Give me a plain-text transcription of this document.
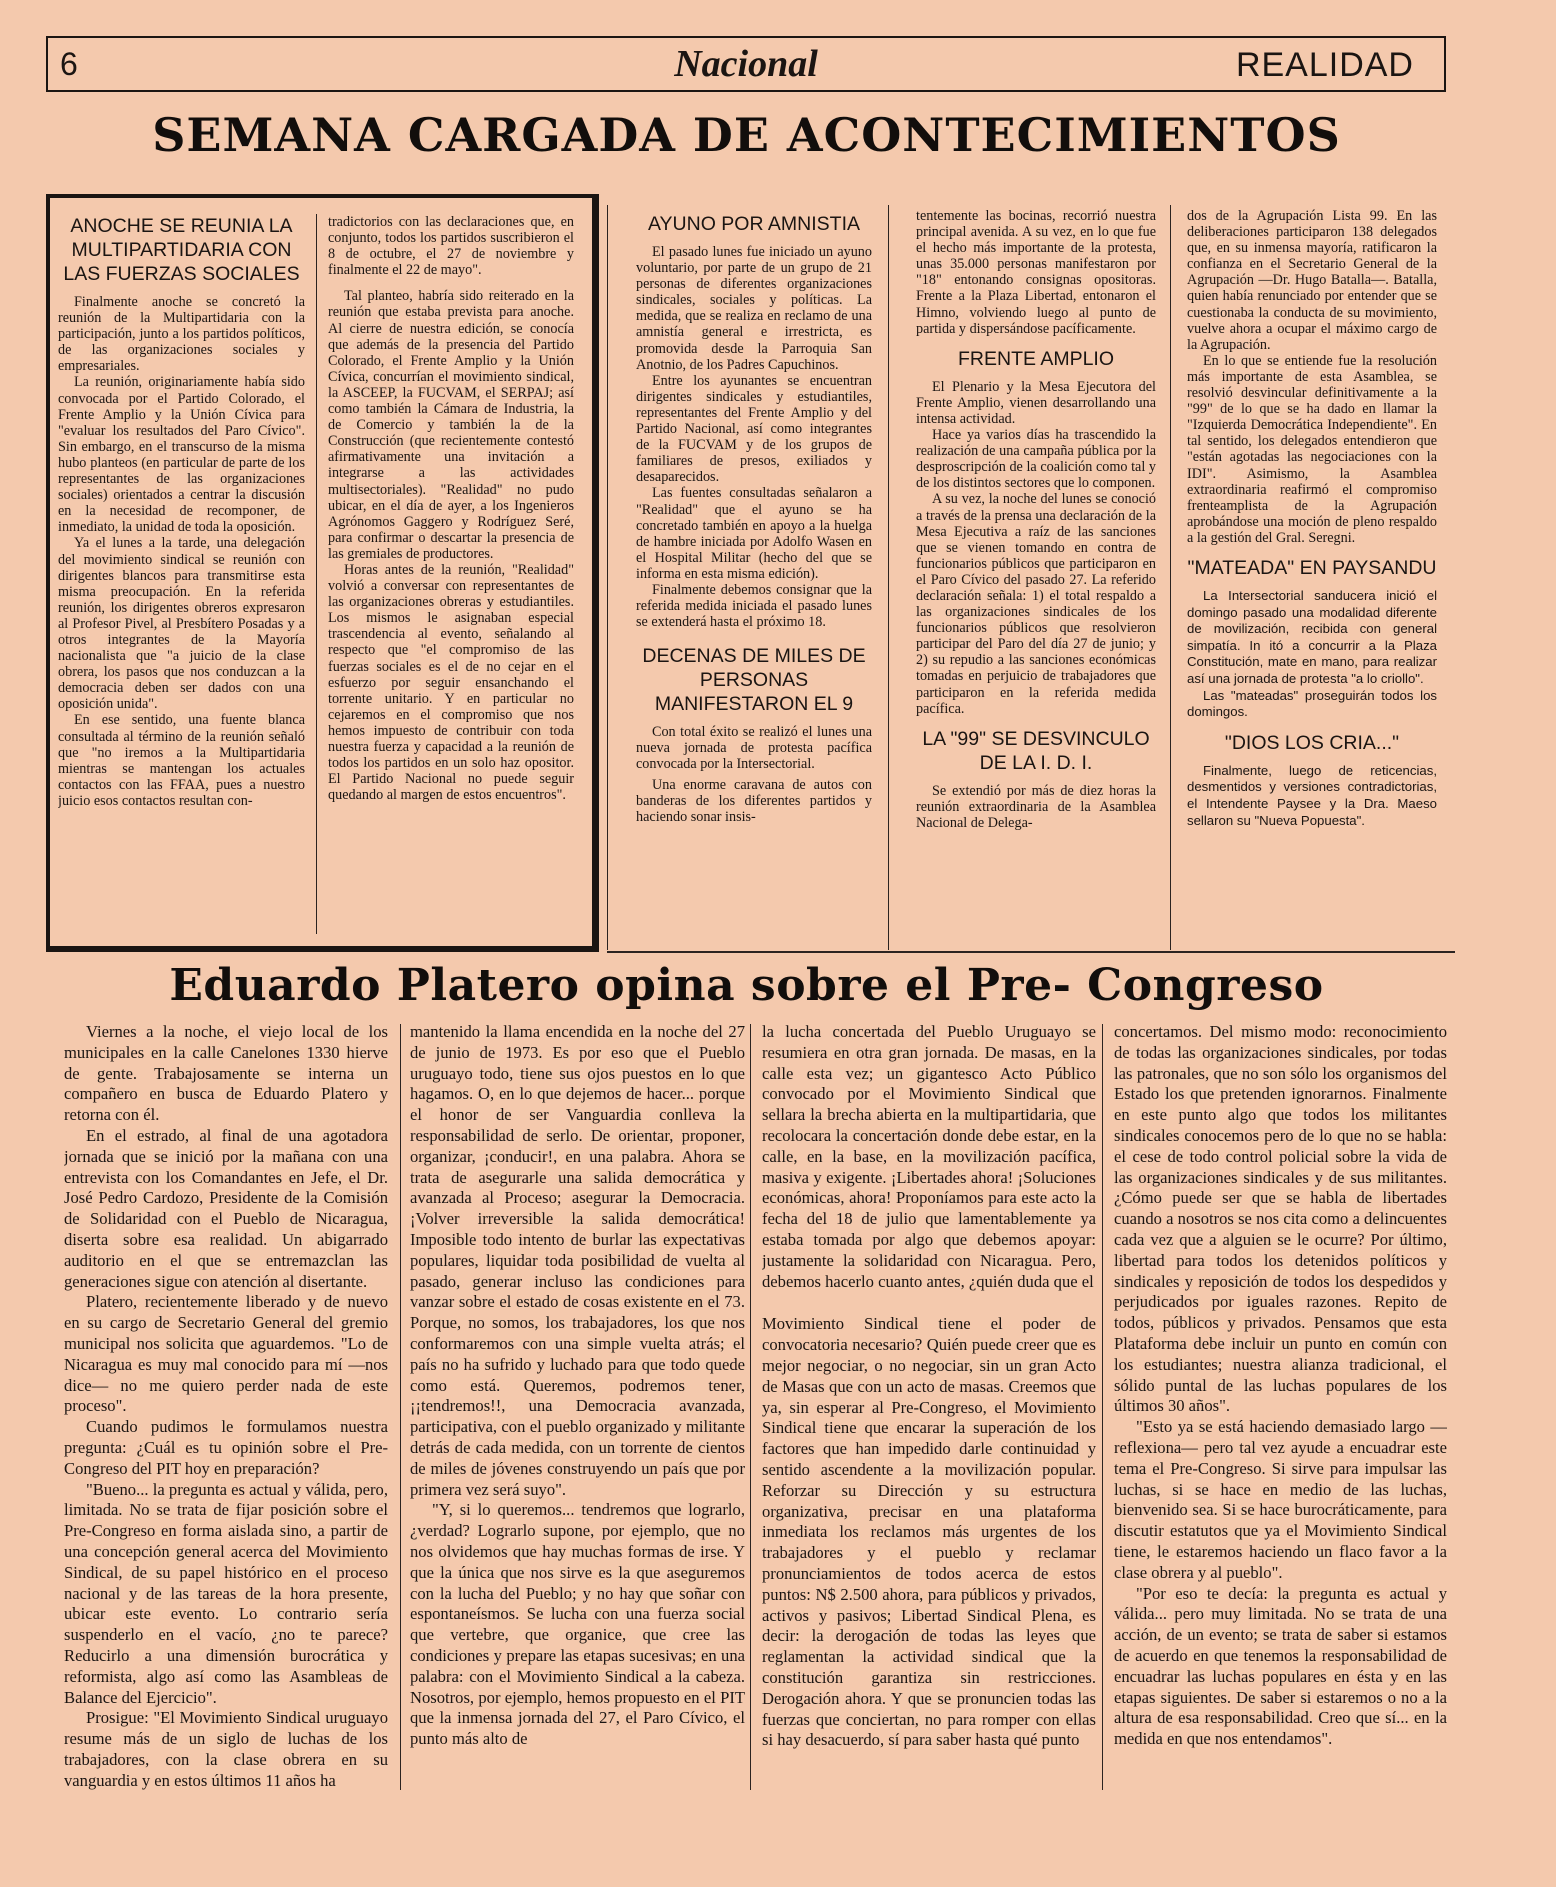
6	Nacional	REALIDAD
SEMANA CARGADA DE ACONTECIMIENTOS
ANOCHE SE REUNIA LA MULTIPARTIDARIA CON LAS FUERZAS SOCIALES

Finalmente anoche se concretó la reunión de la Multipartidaria con la participación, junto a los partidos políticos, de las organizaciones sociales y empresariales.

La reunión, originariamente había sido convocada por el Partido Colorado, el Frente Amplio y la Unión Cívica para "evaluar los resultados del Paro Cívico". Sin embargo, en el transcurso de la misma hubo planteos (en particular de parte de los representantes de las organizaciones sociales) orientados a centrar la discusión en la necesidad de recomponer, de inmediato, la unidad de toda la oposición.

Ya el lunes a la tarde, una delegación del movimiento sindical se reunión con dirigentes blancos para transmitirse esta misma preocupación. En la referida reunión, los dirigentes obreros expresaron al Profesor Pivel, al Presbítero Posadas y a otros integrantes de la Mayoría nacionalista que "a juicio de la clase obrera, los pasos que nos conduzcan a la democracia deben ser dados con una oposición unida".

En ese sentido, una fuente blanca consultada al término de la reunión señaló que "no iremos a la Multipartidaria mientras se mantengan los actuales contactos con las FFAA, pues a nuestro juicio esos contactos resultan con-

tradictorios con las declaraciones que, en conjunto, todos los partidos suscribieron el 8 de octubre, el 27 de noviembre y finalmente el 22 de mayo".

Tal planteo, habría sido reiterado en la reunión que estaba prevista para anoche. Al cierre de nuestra edición, se conocía que además de la presencia del Partido Colorado, el Frente Amplio y la Unión Cívica, concurrían el movimiento sindical, la ASCEEP, la FUCVAM, el SERPAJ; así como también la Cámara de Industria, la de Comercio y también la de la Construcción (que recientemente contestó afirmativamente una invitación a integrarse a las actividades multisectoriales). "Realidad" no pudo ubicar, en el día de ayer, a los Ingenieros Agrónomos Gaggero y Rodríguez Seré, para confirmar o descartar la presencia de las gremiales de productores.

Horas antes de la reunión, "Realidad" volvió a conversar con representantes de las organizaciones obreras y estudiantiles. Los mismos le asignaban especial trascendencia al evento, señalando al respecto que "el compromiso de las fuerzas sociales es el de no cejar en el esfuerzo por seguir ensanchando el torrente unitario. Y en particular no cejaremos en el compromiso que nos hemos impuesto de contribuir con toda nuestra fuerza y capacidad a la reunión de todos los partidos en un solo haz opositor. El Partido Nacional no puede seguir quedando al margen de estos encuentros".

AYUNO POR AMNISTIA

El pasado lunes fue iniciado un ayuno voluntario, por parte de un grupo de 21 personas de diferentes organizaciones sindicales, sociales y políticas. La medida, que se realiza en reclamo de una amnistía general e irrestricta, es promovida desde la Parroquia San Anotnio, de los Padres Capuchinos.

Entre los ayunantes se encuentran dirigentes sindicales y estudiantiles, representantes del Frente Amplio y del Partido Nacional, así como integrantes de la FUCVAM y de los grupos de familiares de presos, exiliados y desaparecidos.

Las fuentes consultadas señalaron a "Realidad" que el ayuno se ha concretado también en apoyo a la huelga de hambre iniciada por Adolfo Wasen en el Hospital Militar (hecho del que se informa en esta misma edición).

Finalmente debemos consignar que la referida medida iniciada el pasado lunes se extenderá hasta el próximo 18.

DECENAS DE MILES DE PERSONAS MANIFESTARON EL 9

Con total éxito se realizó el lunes una nueva jornada de protesta pacífica convocada por la Intersectorial.

Una enorme caravana de autos con banderas de los diferentes partidos y haciendo sonar insis-

tentemente las bocinas, recorrió nuestra principal avenida. A su vez, en lo que fue el hecho más importante de la protesta, unas 35.000 personas manifestaron por "18" entonando consignas opositoras. Frente a la Plaza Libertad, entonaron el Himno, volviendo luego al punto de partida y dispersándose pacíficamente.

FRENTE AMPLIO

El Plenario y la Mesa Ejecutora del Frente Amplio, vienen desarrollando una intensa actividad.

Hace ya varios días ha trascendido la realización de una campaña pública por la desproscripción de la coalición como tal y de los distintos sectores que lo componen.

A su vez, la noche del lunes se conoció a través de la prensa una declaración de la Mesa Ejecutiva a raíz de las sanciones que se vienen tomando en contra de funcionarios públicos que participaron en el Paro Cívico del pasado 27. La referido declaración señala: 1) el total respaldo a las organizaciones sindicales de los funcionarios públicos que resolvieron participar del Paro del día 27 de junio; y 2) su repudio a las sanciones económicas tomadas en perjuicio de trabajadores que participaron en la referida medida pacífica.

LA "99" SE DESVINCULO DE LA I. D. I.

Se extendió por más de diez horas la reunión extraordinaria de la Asamblea Nacional de Delega-

dos de la Agrupación Lista 99. En las deliberaciones participaron 138 delegados que, en su inmensa mayoría, ratificaron la confianza en el Secretario General de la Agrupación —Dr. Hugo Batalla—. Batalla, quien había renunciado por entender que se cuestionaba la conducta de su movimiento, vuelve ahora a ocupar el máximo cargo de la Agrupación.

En lo que se entiende fue la resolución más importante de esta Asamblea, se resolvió desvincular definitivamente a la "99" de lo que se ha dado en llamar la "Izquierda Democrática Independiente". En tal sentido, los delegados entendieron que "están agotadas las negociaciones con la IDI". Asimismo, la Asamblea extraordinaria reafirmó el compromiso frenteamplista de la Agrupación aprobándose una moción de pleno respaldo a la gestión del Gral. Seregni.

"MATEADA" EN PAYSANDU

La Intersectorial sanducera inició el domingo pasado una modalidad diferente de movilización, recibida con general simpatía. In itó a concurrir a la Plaza Constitución, mate en mano, para realizar así una jornada de protesta "a lo criollo".

Las "mateadas" proseguirán todos los domingos.

"DIOS LOS CRIA..."

Finalmente, luego de reticencias, desmentidos y versiones contradictorias, el Intendente Paysee y la Dra. Maeso sellaron su "Nueva Popuesta".

Eduardo Platero opina sobre el Pre- Congreso

Viernes a la noche, el viejo local de los municipales en la calle Canelones 1330 hierve de gente. Trabajosamente se interna un compañero en busca de Eduardo Platero y retorna con él.

En el estrado, al final de una agotadora jornada que se inició por la mañana con una entrevista con los Comandantes en Jefe, el Dr. José Pedro Cardozo, Presidente de la Comisión de Solidaridad con el Pueblo de Nicaragua, diserta sobre esa realidad. Un abigarrado auditorio en el que se entremazclan las generaciones sigue con atención al disertante.

Platero, recientemente liberado y de nuevo en su cargo de Secretario General del gremio municipal nos solicita que aguardemos. "Lo de Nicaragua es muy mal conocido para mí —nos dice— no me quiero perder nada de este proceso".

Cuando pudimos le formulamos nuestra pregunta: ¿Cuál es tu opinión sobre el Pre-Congreso del PIT hoy en preparación?

"Bueno... la pregunta es actual y válida, pero, limitada. No se trata de fijar posición sobre el Pre-Congreso en forma aislada sino, a partir de una concepción general acerca del Movimiento Sindical, de su papel histórico en el proceso nacional y de las tareas de la hora presente, ubicar este evento. Lo contrario sería suspenderlo en el vacío, ¿no te parece? Reducirlo a una dimensión burocrática y reformista, algo así como las Asambleas de Balance del Ejercicio".

Prosigue: "El Movimiento Sindical uruguayo resume más de un siglo de luchas de los trabajadores, con la clase obrera en su vanguardia y en estos últimos 11 años ha

mantenido la llama encendida en la noche del 27 de junio de 1973. Es por eso que el Pueblo uruguayo todo, tiene sus ojos puestos en lo que hagamos. O, en lo que dejemos de hacer... porque el honor de ser Vanguardia conlleva la responsabilidad de serlo. De orientar, proponer, organizar, ¡conducir!, en una palabra. Ahora se trata de asegurarle una salida democrática y avanzada al Proceso; asegurar la Democracia. ¡Volver irreversible la salida democrática! Imposible todo intento de burlar las expectativas populares, liquidar toda posibilidad de vuelta al pasado, generar incluso las condiciones para vanzar sobre el estado de cosas existente en el 73. Porque, no somos, los trabajadores, los que nos conformaremos con una simple vuelta atrás; el país no ha sufrido y luchado para que todo quede como está. Queremos, podremos tener, ¡¡tendremos!!, una Democracia avanzada, participativa, con el pueblo organizado y militante detrás de cada medida, con un torrente de cientos de miles de jóvenes construyendo un país que por primera vez será suyo".

"Y, si lo queremos... tendremos que lograrlo, ¿verdad? Lograrlo supone, por ejemplo, que no nos olvidemos que hay muchas formas de irse. Y que la única que nos sirve es la que aseguremos con la lucha del Pueblo; y no hay que soñar con espontaneísmos. Se lucha con una fuerza social que vertebre, que organice, que cree las condiciones y prepare las etapas sucesivas; en una palabra: con el Movimiento Sindical a la cabeza. Nosotros, por ejemplo, hemos propuesto en el PIT que la inmensa jornada del 27, el Paro Cívico, el punto más alto de

la lucha concertada del Pueblo Uruguayo se resumiera en otra gran jornada. De masas, en la calle esta vez; un gigantesco Acto Público convocado por el Movimiento Sindical que sellara la brecha abierta en la multipartidaria, que recolocara la concertación donde debe estar, en la calle, en la base, en la movilización pacífica, masiva y exigente. ¡Libertades ahora! ¡Soluciones económicas, ahora! Proponíamos para este acto la fecha del 18 de julio que lamentablemente ya estaba tomada por algo que debemos apoyar: justamente la solidaridad con Nicaragua. Pero, debemos hacerlo cuanto antes, ¿quién duda que el

Movimiento Sindical tiene el poder de convocatoria necesario? Quién puede creer que es mejor negociar, o no negociar, sin un gran Acto de Masas que con un acto de masas. Creemos que ya, sin esperar al Pre-Congreso, el Movimiento Sindical tiene que encarar la superación de los factores que han impedido darle continuidad y sentido ascendente a la movilización popular. Reforzar su Dirección y su estructura organizativa, precisar en una plataforma inmediata los reclamos más urgentes de los trabajadores y el pueblo y reclamar pronunciamientos de todos acerca de estos puntos: N$ 2.500 ahora, para públicos y privados, activos y pasivos; Libertad Sindical Plena, es decir: la derogación de todas las leyes que reglamentan la actividad sindical que la constitución garantiza sin restricciones. Derogación ahora. Y que se pronuncien todas las fuerzas que conciertan, no para romper con ellas si hay desacuerdo, sí para saber hasta qué punto

concertamos. Del mismo modo: reconocimiento de todas las organizaciones sindicales, por todas las patronales, que no son sólo los organismos del Estado los que pretenden ignorarnos. Finalmente en este punto algo que todos los militantes sindicales conocemos pero de lo que no se habla: el cese de todo control policial sobre la vida de las organizaciones sindicales y de sus militantes. ¿Cómo puede ser que se habla de libertades cuando a nosotros se nos cita como a delincuentes cada vez que a alguien se le ocurre? Por último, libertad para todos los detenidos políticos y sindicales y reposición de todos los despedidos y perjudicados por iguales razones. Repito de todos, públicos y privados. Pensamos que esta Plataforma debe incluir un punto en común con los estudiantes; nuestra alianza tradicional, el sólido puntal de las luchas populares de los últimos 30 años".

"Esto ya se está haciendo demasiado largo —reflexiona— pero tal vez ayude a encuadrar este tema el Pre-Congreso. Si sirve para impulsar las luchas, si se hace en medio de las luchas, bienvenido sea. Si se hace burocráticamente, para discutir estatutos que ya el Movimiento Sindical tiene, le estaremos haciendo un flaco favor a la clase obrera y al pueblo".

"Por eso te decía: la pregunta es actual y válida... pero muy limitada. No se trata de una acción, de un evento; se trata de saber si estamos de acuerdo en que tenemos la responsabilidad de encuadrar las luchas populares en ésta y en las etapas siguientes. De saber si estaremos o no a la altura de esa responsabilidad. Creo que sí... en la medida en que nos entendamos".
